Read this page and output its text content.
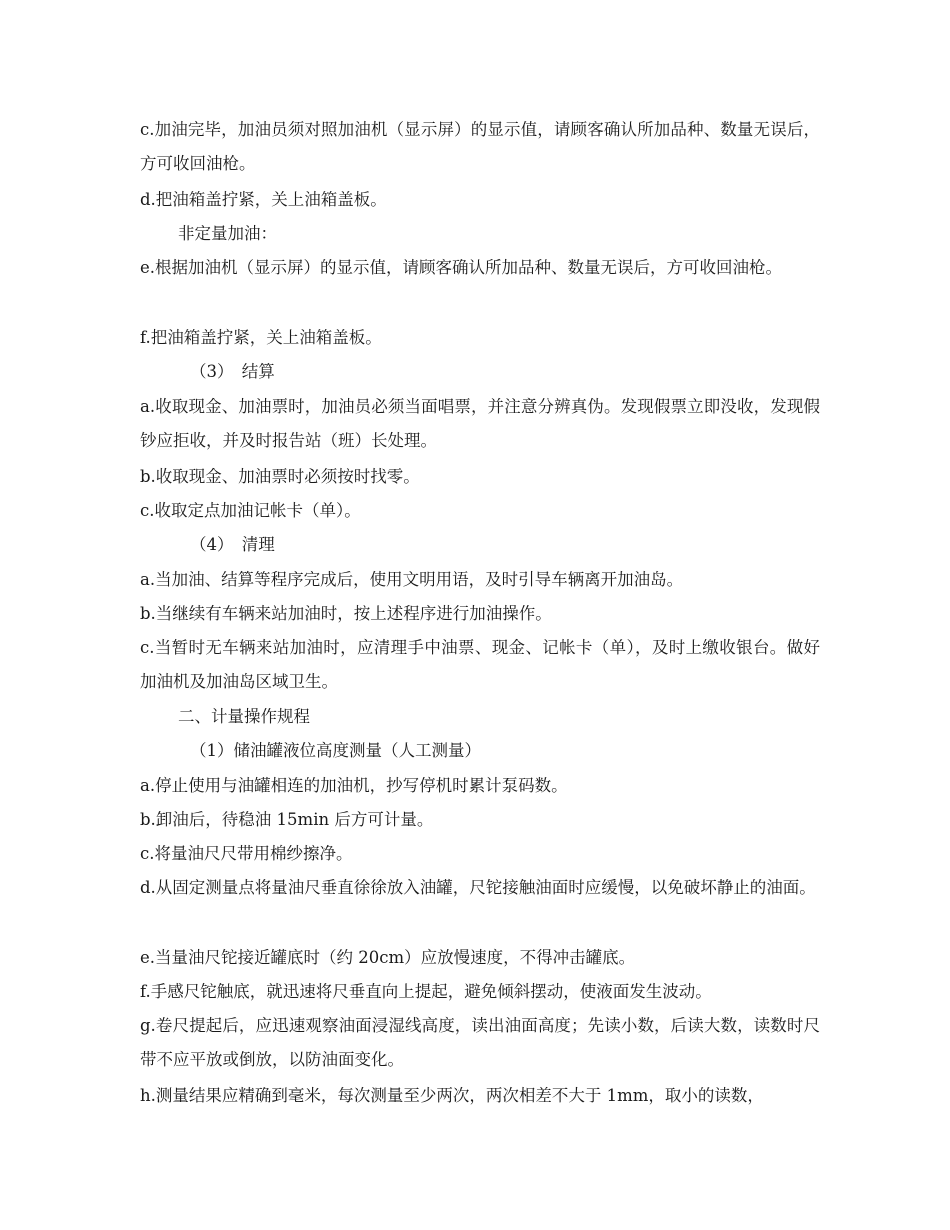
c.加油完毕，加油员须对照加油机（显示屏）的显示值，请顾客确认所加品种、数量无误后，方可收回油枪。
d.把油箱盖拧紧，关上油箱盖板。
非定量加油：
e.根据加油机（显示屏）的显示值，请顾客确认所加品种、数量无误后，方可收回油枪。
f.把油箱盖拧紧，关上油箱盖板。
（3）　结算
a.收取现金、加油票时，加油员必须当面唱票，并注意分辨真伪。发现假票立即没收，发现假钞应拒收，并及时报告站（班）长处理。
b.收取现金、加油票时必须按时找零。
c.收取定点加油记帐卡（单）。
（4）　清理
a.当加油、结算等程序完成后，使用文明用语，及时引导车辆离开加油岛。
b.当继续有车辆来站加油时，按上述程序进行加油操作。
c.当暂时无车辆来站加油时，应清理手中油票、现金、记帐卡（单），及时上缴收银台。做好加油机及加油岛区域卫生。
二、计量操作规程
（1）储油罐液位高度测量（人工测量）
a.停止使用与油罐相连的加油机，抄写停机时累计泵码数。
b.卸油后，待稳油 15min 后方可计量。
c.将量油尺尺带用棉纱擦净。
d.从固定测量点将量油尺垂直徐徐放入油罐，尺铊接触油面时应缓慢，以免破坏静止的油面。
e.当量油尺铊接近罐底时（约 20cm）应放慢速度，不得冲击罐底。
f.手感尺铊触底，就迅速将尺垂直向上提起，避免倾斜摆动，使液面发生波动。
g.卷尺提起后，应迅速观察油面浸湿线高度，读出油面高度；先读小数，后读大数，读数时尺带不应平放或倒放，以防油面变化。
h.测量结果应精确到毫米，每次测量至少两次，两次相差不大于 1mm，取小的读数，
